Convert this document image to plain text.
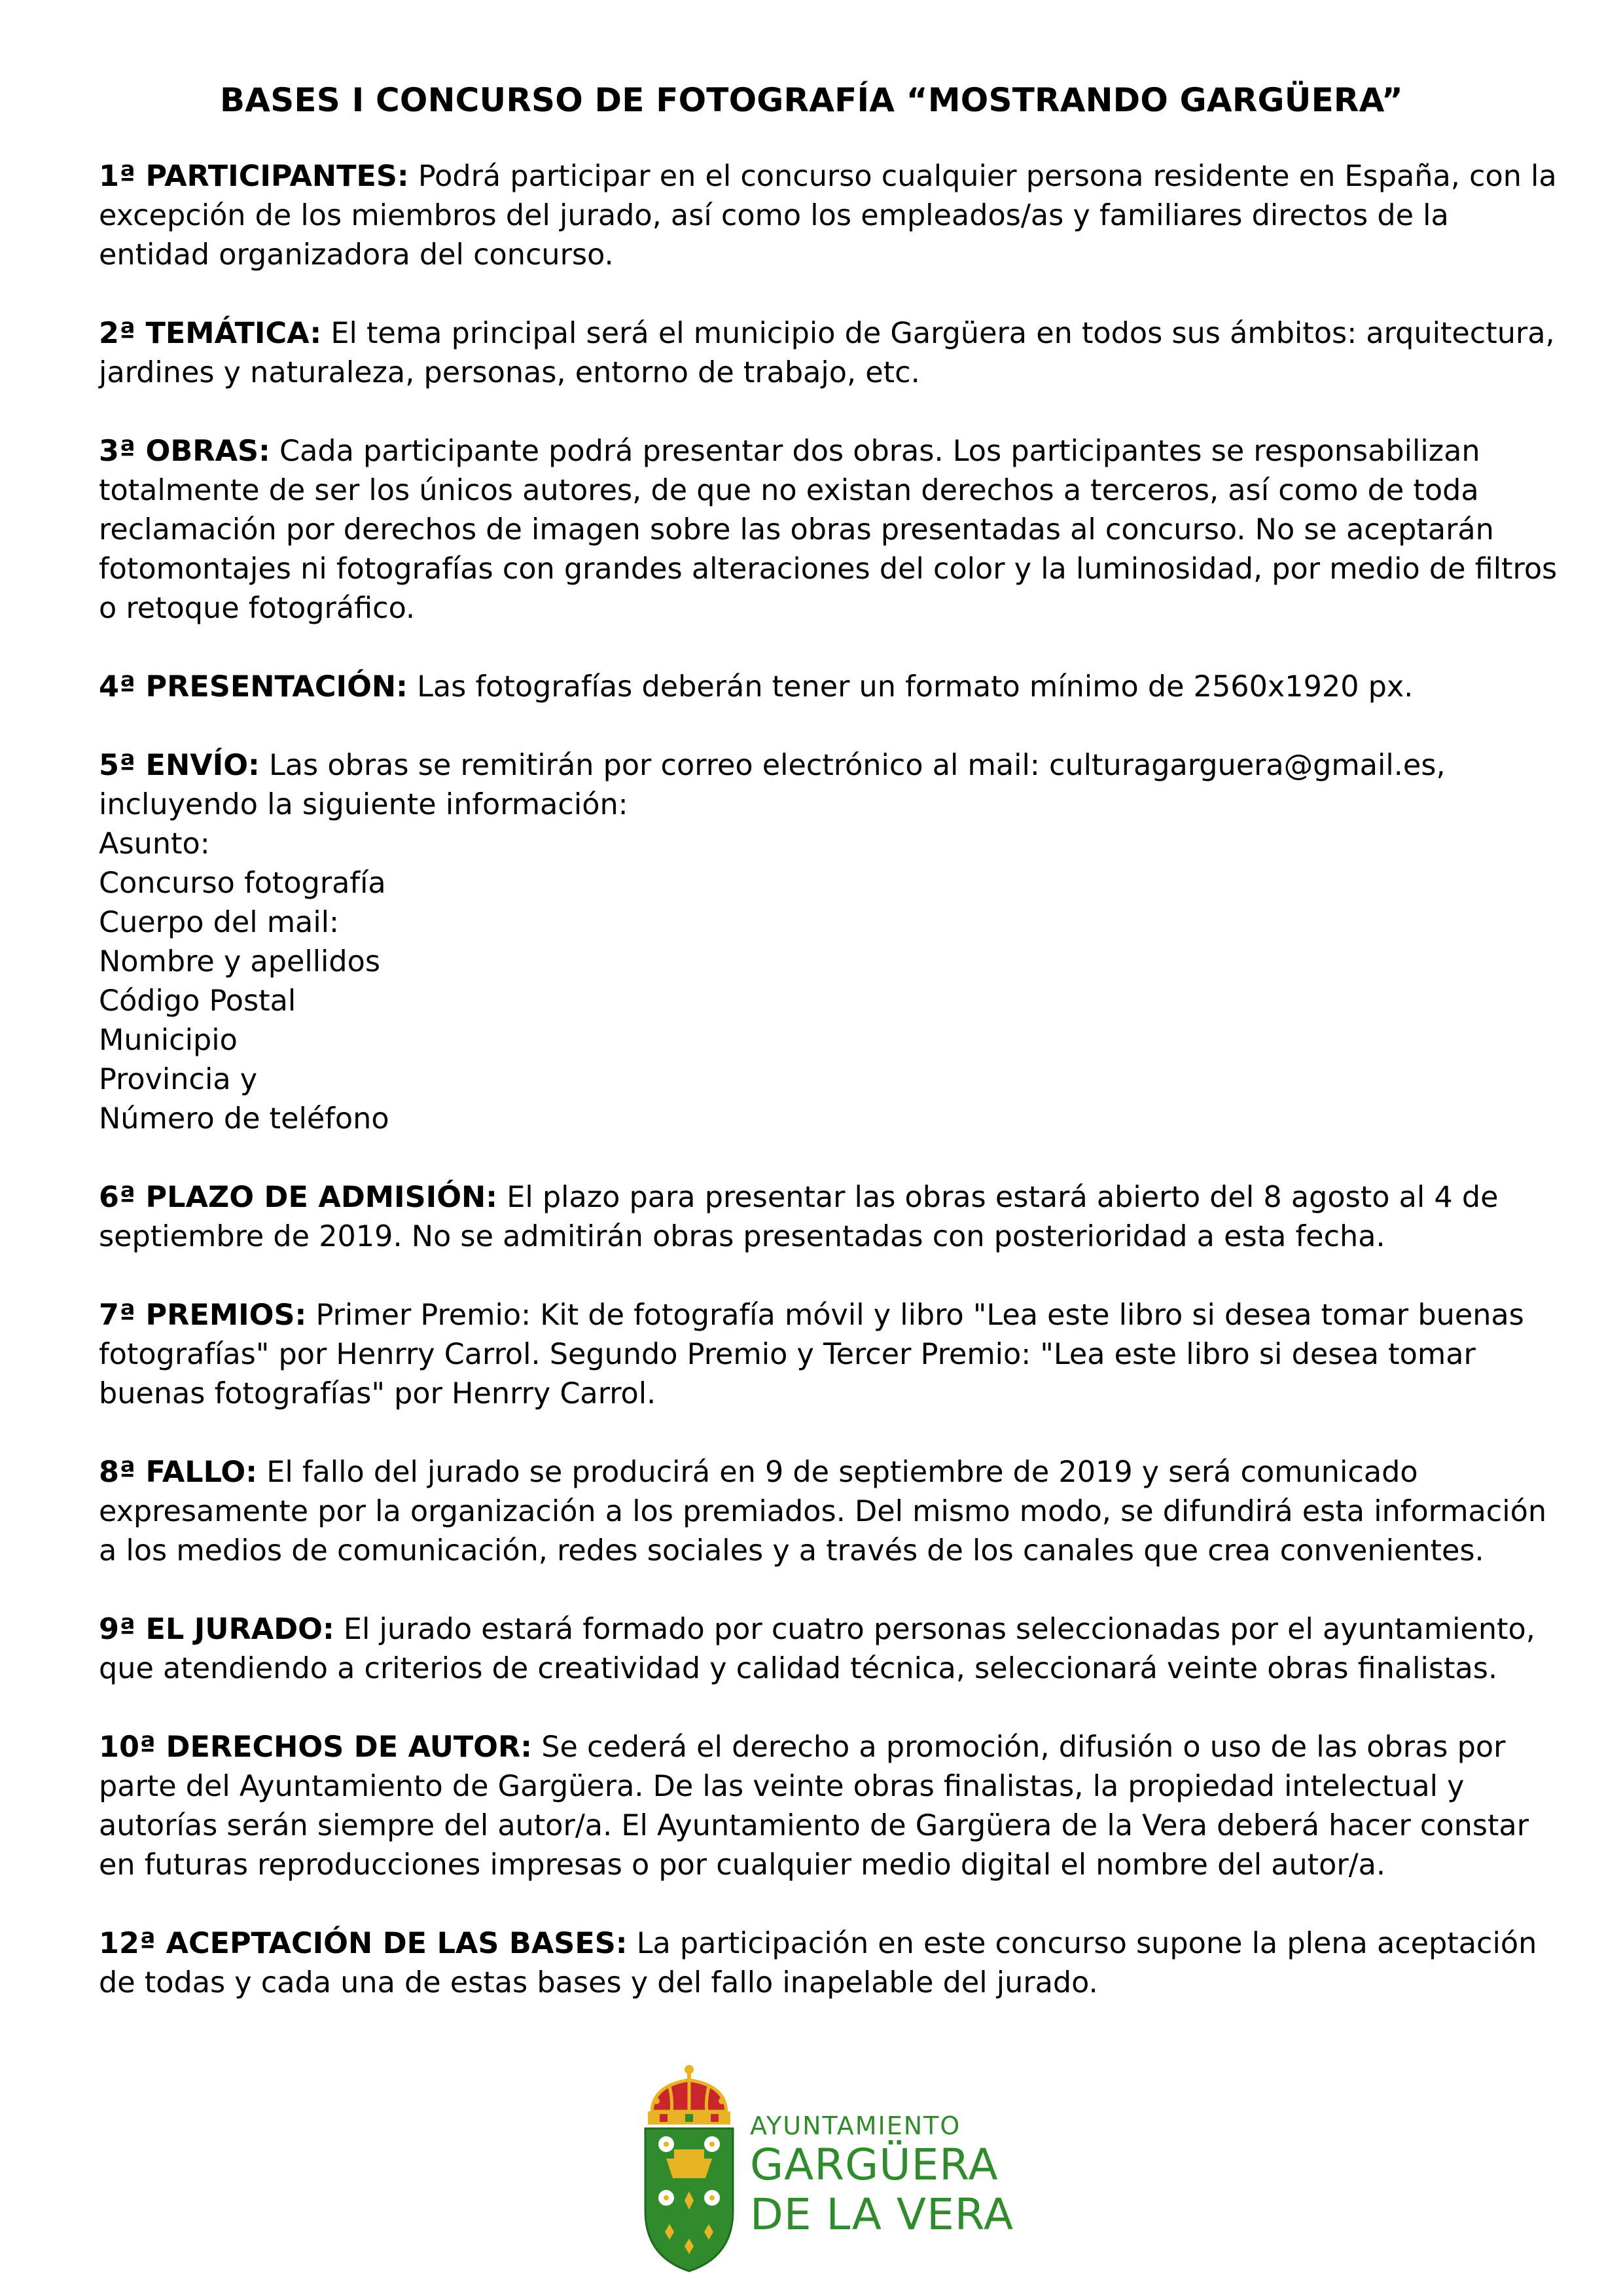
BASES I CONCURSO DE FOTOGRAFÍA “MOSTRANDO GARGÜERA”

1ª PARTICIPANTES: Podrá participar en el concurso cualquier persona residente en España, con la excepción de los miembros del jurado, así como los empleados/as y familiares directos de la entidad organizadora del concurso.

2ª TEMÁTICA: El tema principal será el municipio de Gargüera en todos sus ámbitos: arquitectura, jardines y naturaleza, personas, entorno de trabajo, etc.

3ª OBRAS: Cada participante podrá presentar dos obras. Los participantes se responsabilizan totalmente de ser los únicos autores, de que no existan derechos a terceros, así como de toda reclamación por derechos de imagen sobre las obras presentadas al concurso. No se aceptarán fotomontajes ni fotografías con grandes alteraciones del color y la luminosidad, por medio de filtros o retoque fotográfico.

4ª PRESENTACIÓN: Las fotografías deberán tener un formato mínimo de 2560x1920 px.

5ª ENVÍO: Las obras se remitirán por correo electrónico al mail: culturagarguera@gmail.es, incluyendo la siguiente información:
Asunto:
Concurso fotografía
Cuerpo del mail:
Nombre y apellidos
Código Postal
Municipio
Provincia y
Número de teléfono

6ª PLAZO DE ADMISIÓN: El plazo para presentar las obras estará abierto del 8 agosto al 4 de septiembre de 2019. No se admitirán obras presentadas con posterioridad a esta fecha.

7ª PREMIOS: Primer Premio: Kit de fotografía móvil y libro "Lea este libro si desea tomar buenas fotografías" por Henrry Carrol. Segundo Premio y Tercer Premio: "Lea este libro si desea tomar buenas fotografías" por Henrry Carrol.

8ª FALLO: El fallo del jurado se producirá en 9 de septiembre de 2019 y será comunicado expresamente por la organización a los premiados. Del mismo modo, se difundirá esta información a los medios de comunicación, redes sociales y a través de los canales que crea convenientes.

9ª EL JURADO: El jurado estará formado por cuatro personas seleccionadas por el ayuntamiento, que atendiendo a criterios de creatividad y calidad técnica, seleccionará veinte obras finalistas.

10ª DERECHOS DE AUTOR: Se cederá el derecho a promoción, difusión o uso de las obras por parte del Ayuntamiento de Gargüera. De las veinte obras finalistas, la propiedad intelectual y autorías serán siempre del autor/a. El Ayuntamiento de Gargüera de la Vera deberá hacer constar en futuras reproducciones impresas o por cualquier medio digital el nombre del autor/a.

12ª ACEPTACIÓN DE LAS BASES: La participación en este concurso supone la plena aceptación de todas y cada una de estas bases y del fallo inapelable del jurado.

AYUNTAMIENTO
GARGÜERA
DE LA VERA
